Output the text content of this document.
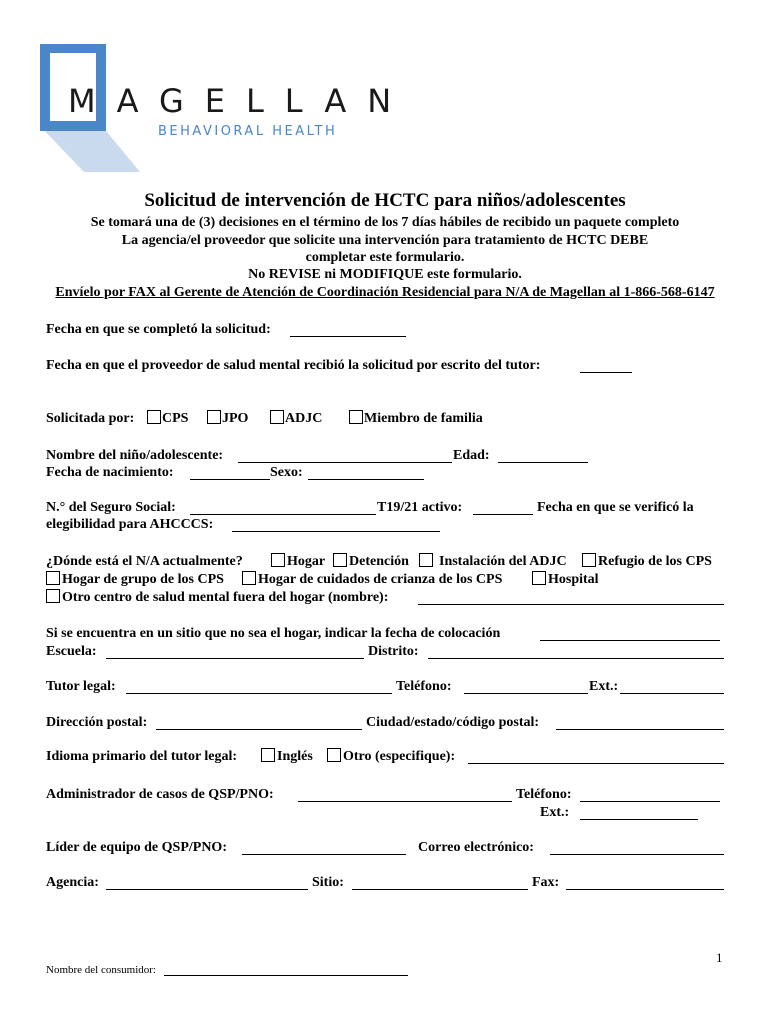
MAGELLAN
BEHAVIORAL HEALTH
Solicitud de intervención de HCTC para niños/adolescentes
Se tomará una de (3) decisiones en el término de los 7 días hábiles de recibido un paquete completo
La agencia/el proveedor que solicite una intervención para tratamiento de HCTC DEBE
completar este formulario.
No REVISE ni MODIFIQUE este formulario.
Envíelo por FAX al Gerente de Atención de Coordinación Residencial para N/A de Magellan al 1-866-568-6147
Fecha en que se completó la solicitud:
Fecha en que el proveedor de salud mental recibió la solicitud por escrito del tutor:
Solicitada por: CPS JPO	ADJC	Miembro de familia
Nombre del niño/adolescente:	Edad:
Fecha de nacimiento:	Sexo:
N.° del Seguro Social:	T19/21 activo:	Fecha en que se verificó la
elegibilidad para AHCCCS:
¿Dónde está el N/A actualmente?	Hogar Detención Instalación del ADJC Refugio de los CPS
Hogar de grupo de los CPS Hogar de cuidados de crianza de los CPS	Hospital
Otro centro de salud mental fuera del hogar (nombre):
Si se encuentra en un sitio que no sea el hogar, indicar la fecha de colocación
Escuela:	Distrito:
Tutor legal:	Teléfono:	Ext.:
Dirección postal:	Ciudad/estado/código postal:
Idioma primario del tutor legal:	Inglés Otro (especifique):
Administrador de casos de QSP/PNO:	Teléfono:
Ext.:
Líder de equipo de QSP/PNO:	Correo electrónico:
Agencia:	Sitio:	Fax:
1
Nombre del consumidor:
